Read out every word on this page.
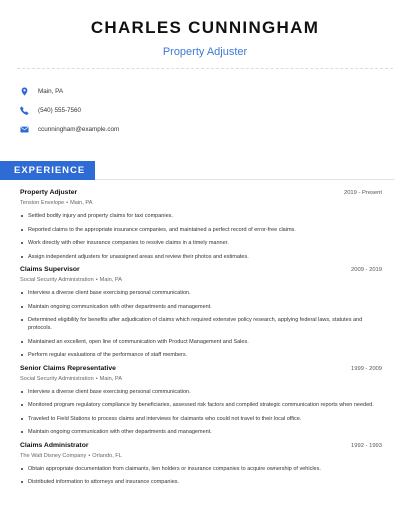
CHARLES CUNNINGHAM
Property Adjuster
Main, PA
(540) 555-7560
ccunningham@example.com
EXPERIENCE
Property Adjuster	2019 - Present
Tension Envelope • Main, PA
Settled bodily injury and property claims for taxi companies.
Reported claims to the appropriate insurance companies, and maintained a perfect record of error-free claims.
Work directly with other insurance companies to resolve claims in a timely manner.
Assign independent adjusters for unassigned areas and review their photos and estimates.
Claims Supervisor	2009 - 2019
Social Security Administration • Main, PA
Interview a diverse client base exercising personal communication.
Maintain ongoing communication with other departments and management.
Determined eligibility for benefits after adjudication of claims which required extensive policy research, applying federal laws, statutes and protocols.
Maintained an excellent, open line of communication with Product Management and Sales.
Perform regular evaluations of the performance of staff members.
Senior Claims Representative	1999 - 2009
Social Security Administration • Main, PA
Interview a diverse client base exercising personal communication.
Monitored program regulatory compliance by beneficiaries, assessed risk factors and compiled strategic communication reports when needed.
Traveled to Field Stations to process claims and interviews for claimants who could not travel to their local office.
Maintain ongoing communication with other departments and management.
Claims Administrator	1992 - 1993
The Walt Disney Company • Orlando, FL
Obtain appropriate documentation from claimants, lien holders or insurance companies to acquire ownership of vehicles.
Distributed information to attorneys and insurance companies.
